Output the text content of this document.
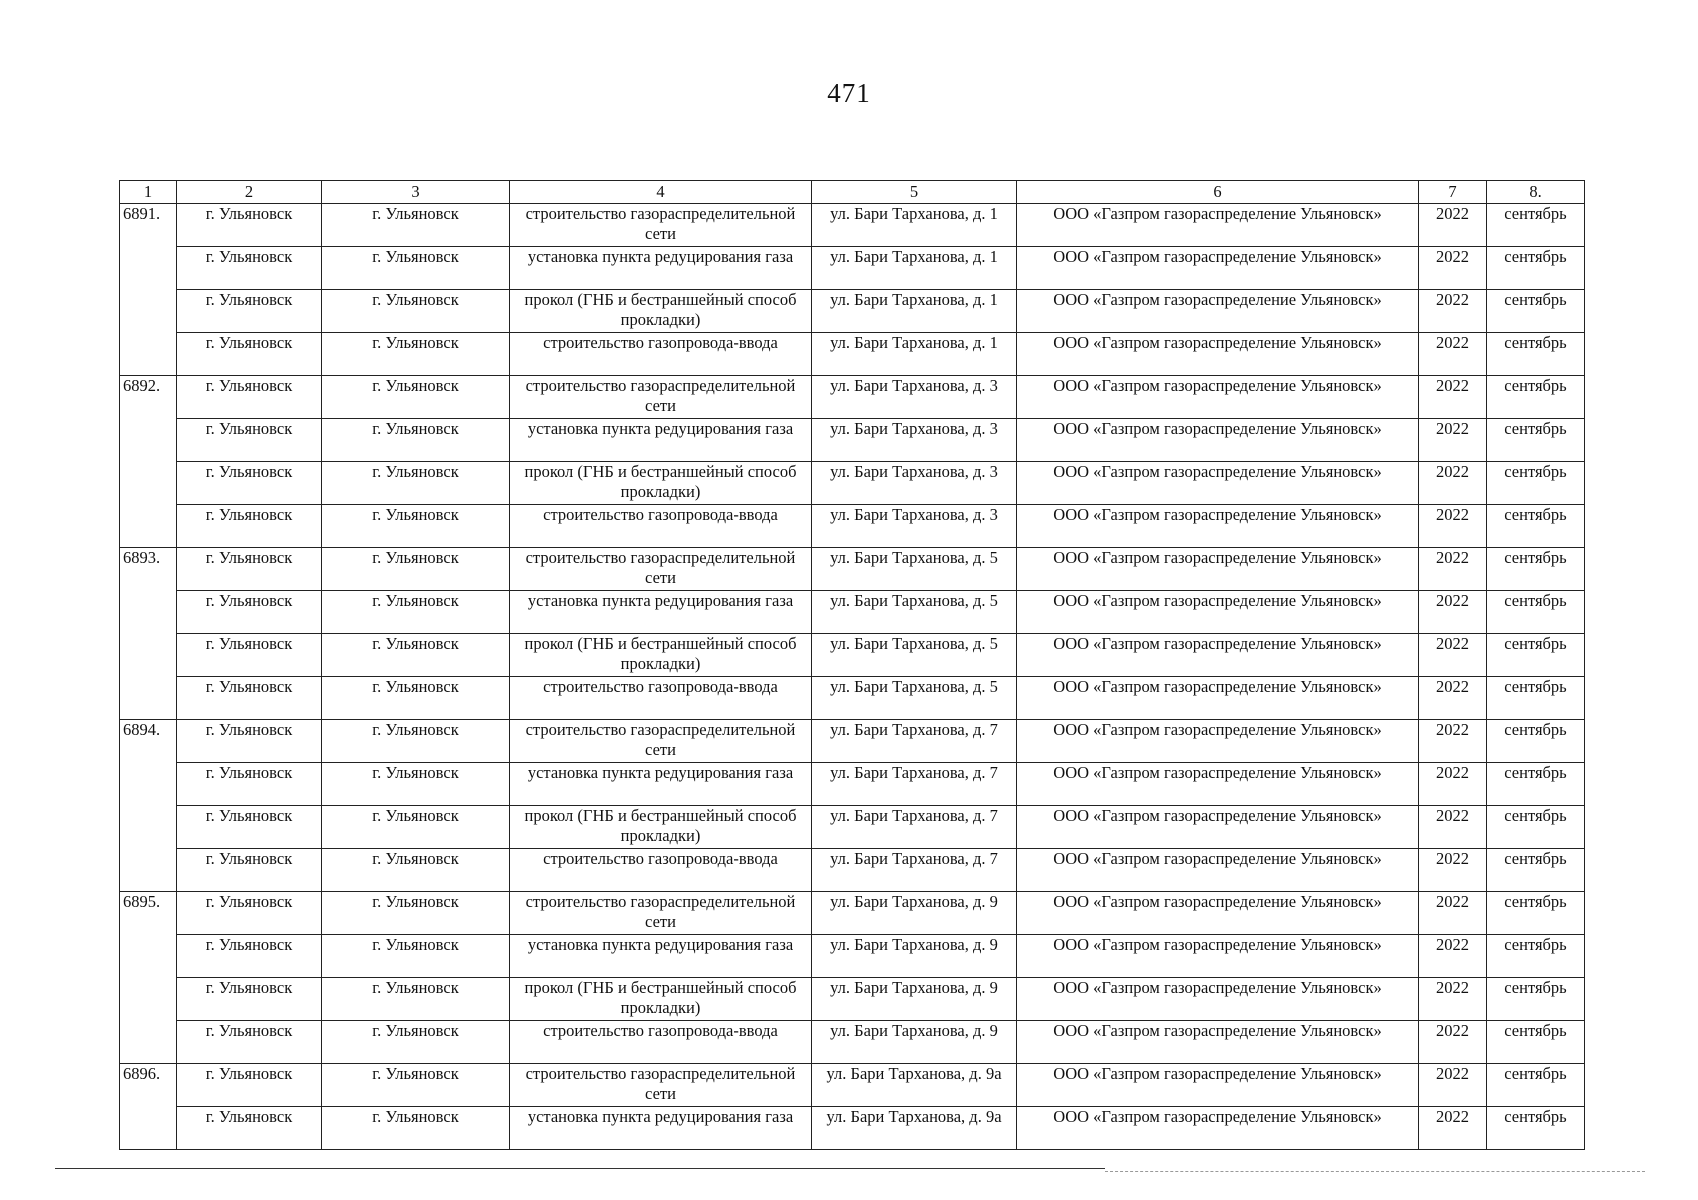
471
1	2	3	4	5	6	7	8.
6891.	г. Ульяновск	г. Ульяновск	строительство газораспределительной сети	ул. Бари Тарханова, д. 1	ООО «Газпром газораспределение Ульяновск»	2022	сентябрь
	г. Ульяновск	г. Ульяновск	установка пункта редуцирования газа	ул. Бари Тарханова, д. 1	ООО «Газпром газораспределение Ульяновск»	2022	сентябрь
	г. Ульяновск	г. Ульяновск	прокол (ГНБ и бестраншейный способ прокладки)	ул. Бари Тарханова, д. 1	ООО «Газпром газораспределение Ульяновск»	2022	сентябрь
	г. Ульяновск	г. Ульяновск	строительство газопровода-ввода	ул. Бари Тарханова, д. 1	ООО «Газпром газораспределение Ульяновск»	2022	сентябрь
6892.	г. Ульяновск	г. Ульяновск	строительство газораспределительной сети	ул. Бари Тарханова, д. 3	ООО «Газпром газораспределение Ульяновск»	2022	сентябрь
	г. Ульяновск	г. Ульяновск	установка пункта редуцирования газа	ул. Бари Тарханова, д. 3	ООО «Газпром газораспределение Ульяновск»	2022	сентябрь
	г. Ульяновск	г. Ульяновск	прокол (ГНБ и бестраншейный способ прокладки)	ул. Бари Тарханова, д. 3	ООО «Газпром газораспределение Ульяновск»	2022	сентябрь
	г. Ульяновск	г. Ульяновск	строительство газопровода-ввода	ул. Бари Тарханова, д. 3	ООО «Газпром газораспределение Ульяновск»	2022	сентябрь
6893.	г. Ульяновск	г. Ульяновск	строительство газораспределительной сети	ул. Бари Тарханова, д. 5	ООО «Газпром газораспределение Ульяновск»	2022	сентябрь
	г. Ульяновск	г. Ульяновск	установка пункта редуцирования газа	ул. Бари Тарханова, д. 5	ООО «Газпром газораспределение Ульяновск»	2022	сентябрь
	г. Ульяновск	г. Ульяновск	прокол (ГНБ и бестраншейный способ прокладки)	ул. Бари Тарханова, д. 5	ООО «Газпром газораспределение Ульяновск»	2022	сентябрь
	г. Ульяновск	г. Ульяновск	строительство газопровода-ввода	ул. Бари Тарханова, д. 5	ООО «Газпром газораспределение Ульяновск»	2022	сентябрь
6894.	г. Ульяновск	г. Ульяновск	строительство газораспределительной сети	ул. Бари Тарханова, д. 7	ООО «Газпром газораспределение Ульяновск»	2022	сентябрь
	г. Ульяновск	г. Ульяновск	установка пункта редуцирования газа	ул. Бари Тарханова, д. 7	ООО «Газпром газораспределение Ульяновск»	2022	сентябрь
	г. Ульяновск	г. Ульяновск	прокол (ГНБ и бестраншейный способ прокладки)	ул. Бари Тарханова, д. 7	ООО «Газпром газораспределение Ульяновск»	2022	сентябрь
	г. Ульяновск	г. Ульяновск	строительство газопровода-ввода	ул. Бари Тарханова, д. 7	ООО «Газпром газораспределение Ульяновск»	2022	сентябрь
6895.	г. Ульяновск	г. Ульяновск	строительство газораспределительной сети	ул. Бари Тарханова, д. 9	ООО «Газпром газораспределение Ульяновск»	2022	сентябрь
	г. Ульяновск	г. Ульяновск	установка пункта редуцирования газа	ул. Бари Тарханова, д. 9	ООО «Газпром газораспределение Ульяновск»	2022	сентябрь
	г. Ульяновск	г. Ульяновск	прокол (ГНБ и бестраншейный способ прокладки)	ул. Бари Тарханова, д. 9	ООО «Газпром газораспределение Ульяновск»	2022	сентябрь
	г. Ульяновск	г. Ульяновск	строительство газопровода-ввода	ул. Бари Тарханова, д. 9	ООО «Газпром газораспределение Ульяновск»	2022	сентябрь
6896.	г. Ульяновск	г. Ульяновск	строительство газораспределительной сети	ул. Бари Тарханова, д. 9а	ООО «Газпром газораспределение Ульяновск»	2022	сентябрь
	г. Ульяновск	г. Ульяновск	установка пункта редуцирования газа	ул. Бари Тарханова, д. 9а	ООО «Газпром газораспределение Ульяновск»	2022	сентябрь
